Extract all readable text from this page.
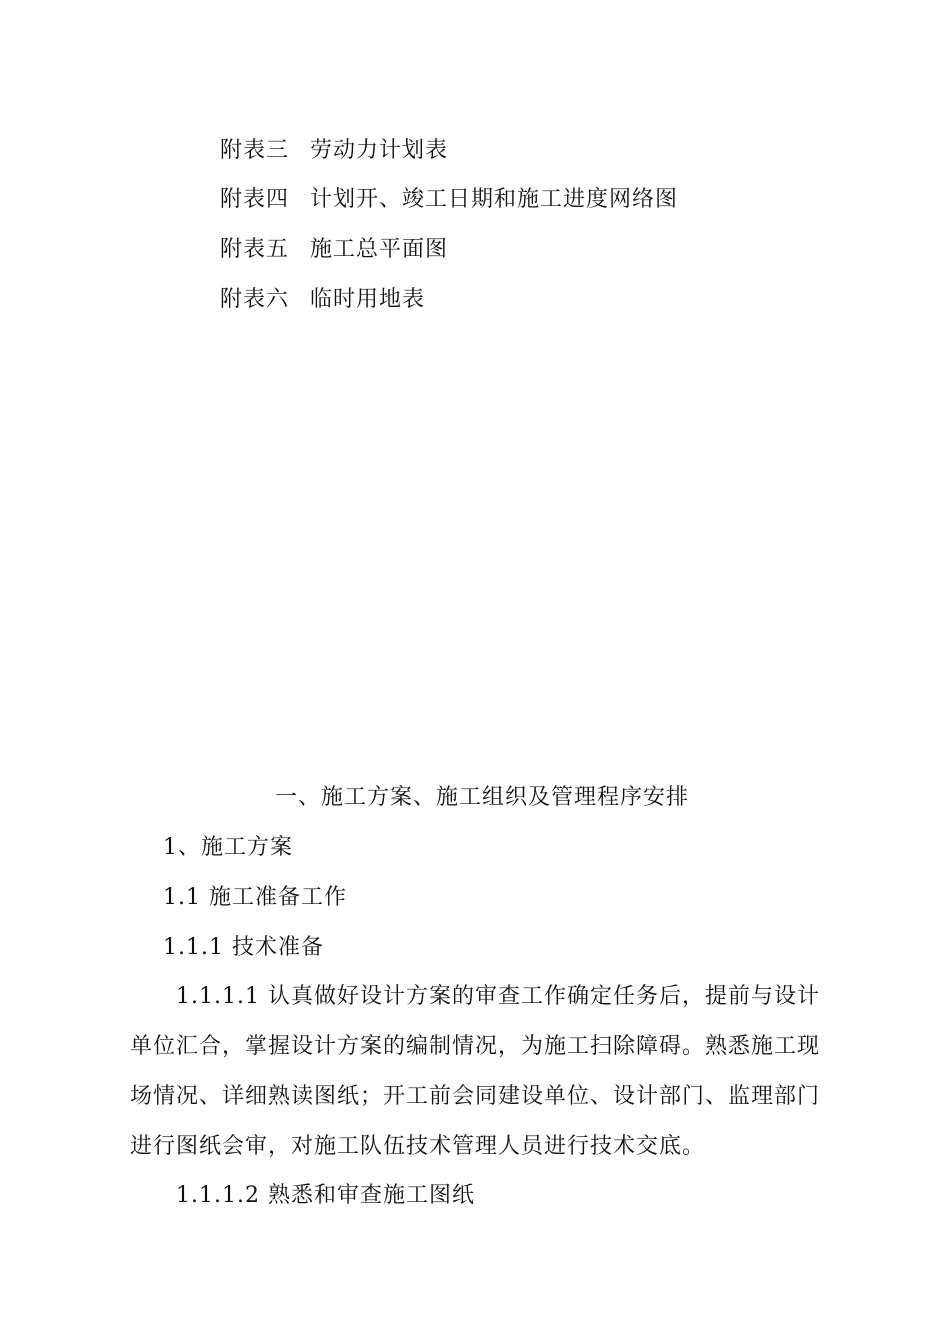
附表三 劳动力计划表
附表四 计划开、竣工日期和施工进度网络图
附表五 施工总平面图
附表六 临时用地表
一、施工方案、施工组织及管理程序安排
1、施工方案
1.1 施工准备工作
1.1.1 技术准备
1.1.1.1 认真做好设计方案的审查工作确定任务后，提前与设计单位汇合，掌握设计方案的编制情况，为施工扫除障碍。熟悉施工现场情况、详细熟读图纸；开工前会同建设单位、设计部门、监理部门进行图纸会审，对施工队伍技术管理人员进行技术交底。
1.1.1.2 熟悉和审查施工图纸
